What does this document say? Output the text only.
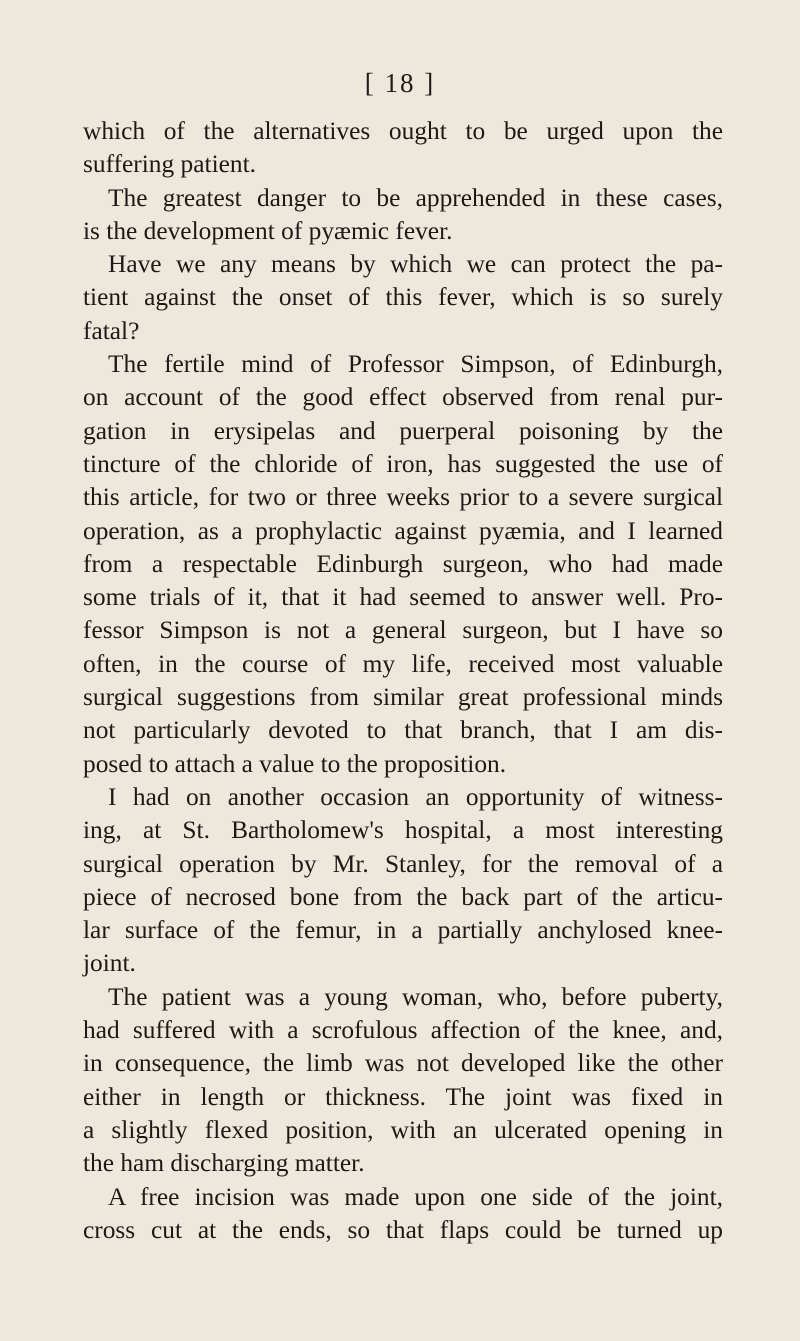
[ 18 ]
which of the alternatives ought to be urged upon the
suffering patient.
The greatest danger to be apprehended in these cases,
is the development of pyæmic fever.
Have we any means by which we can protect the pa-
tient against the onset of this fever, which is so surely
fatal?
The fertile mind of Professor Simpson, of Edinburgh,
on account of the good effect observed from renal pur-
gation in erysipelas and puerperal poisoning by the
tincture of the chloride of iron, has suggested the use of
this article, for two or three weeks prior to a severe surgical
operation, as a prophylactic against pyæmia, and I learned
from a respectable Edinburgh surgeon, who had made
some trials of it, that it had seemed to answer well. Pro-
fessor Simpson is not a general surgeon, but I have so
often, in the course of my life, received most valuable
surgical suggestions from similar great professional minds
not particularly devoted to that branch, that I am dis-
posed to attach a value to the proposition.
I had on another occasion an opportunity of witness-
ing, at St. Bartholomew's hospital, a most interesting
surgical operation by Mr. Stanley, for the removal of a
piece of necrosed bone from the back part of the articu-
lar surface of the femur, in a partially anchylosed knee-
joint.
The patient was a young woman, who, before puberty,
had suffered with a scrofulous affection of the knee, and,
in consequence, the limb was not developed like the other
either in length or thickness. The joint was fixed in
a slightly flexed position, with an ulcerated opening in
the ham discharging matter.
A free incision was made upon one side of the joint,
cross cut at the ends, so that flaps could be turned up
